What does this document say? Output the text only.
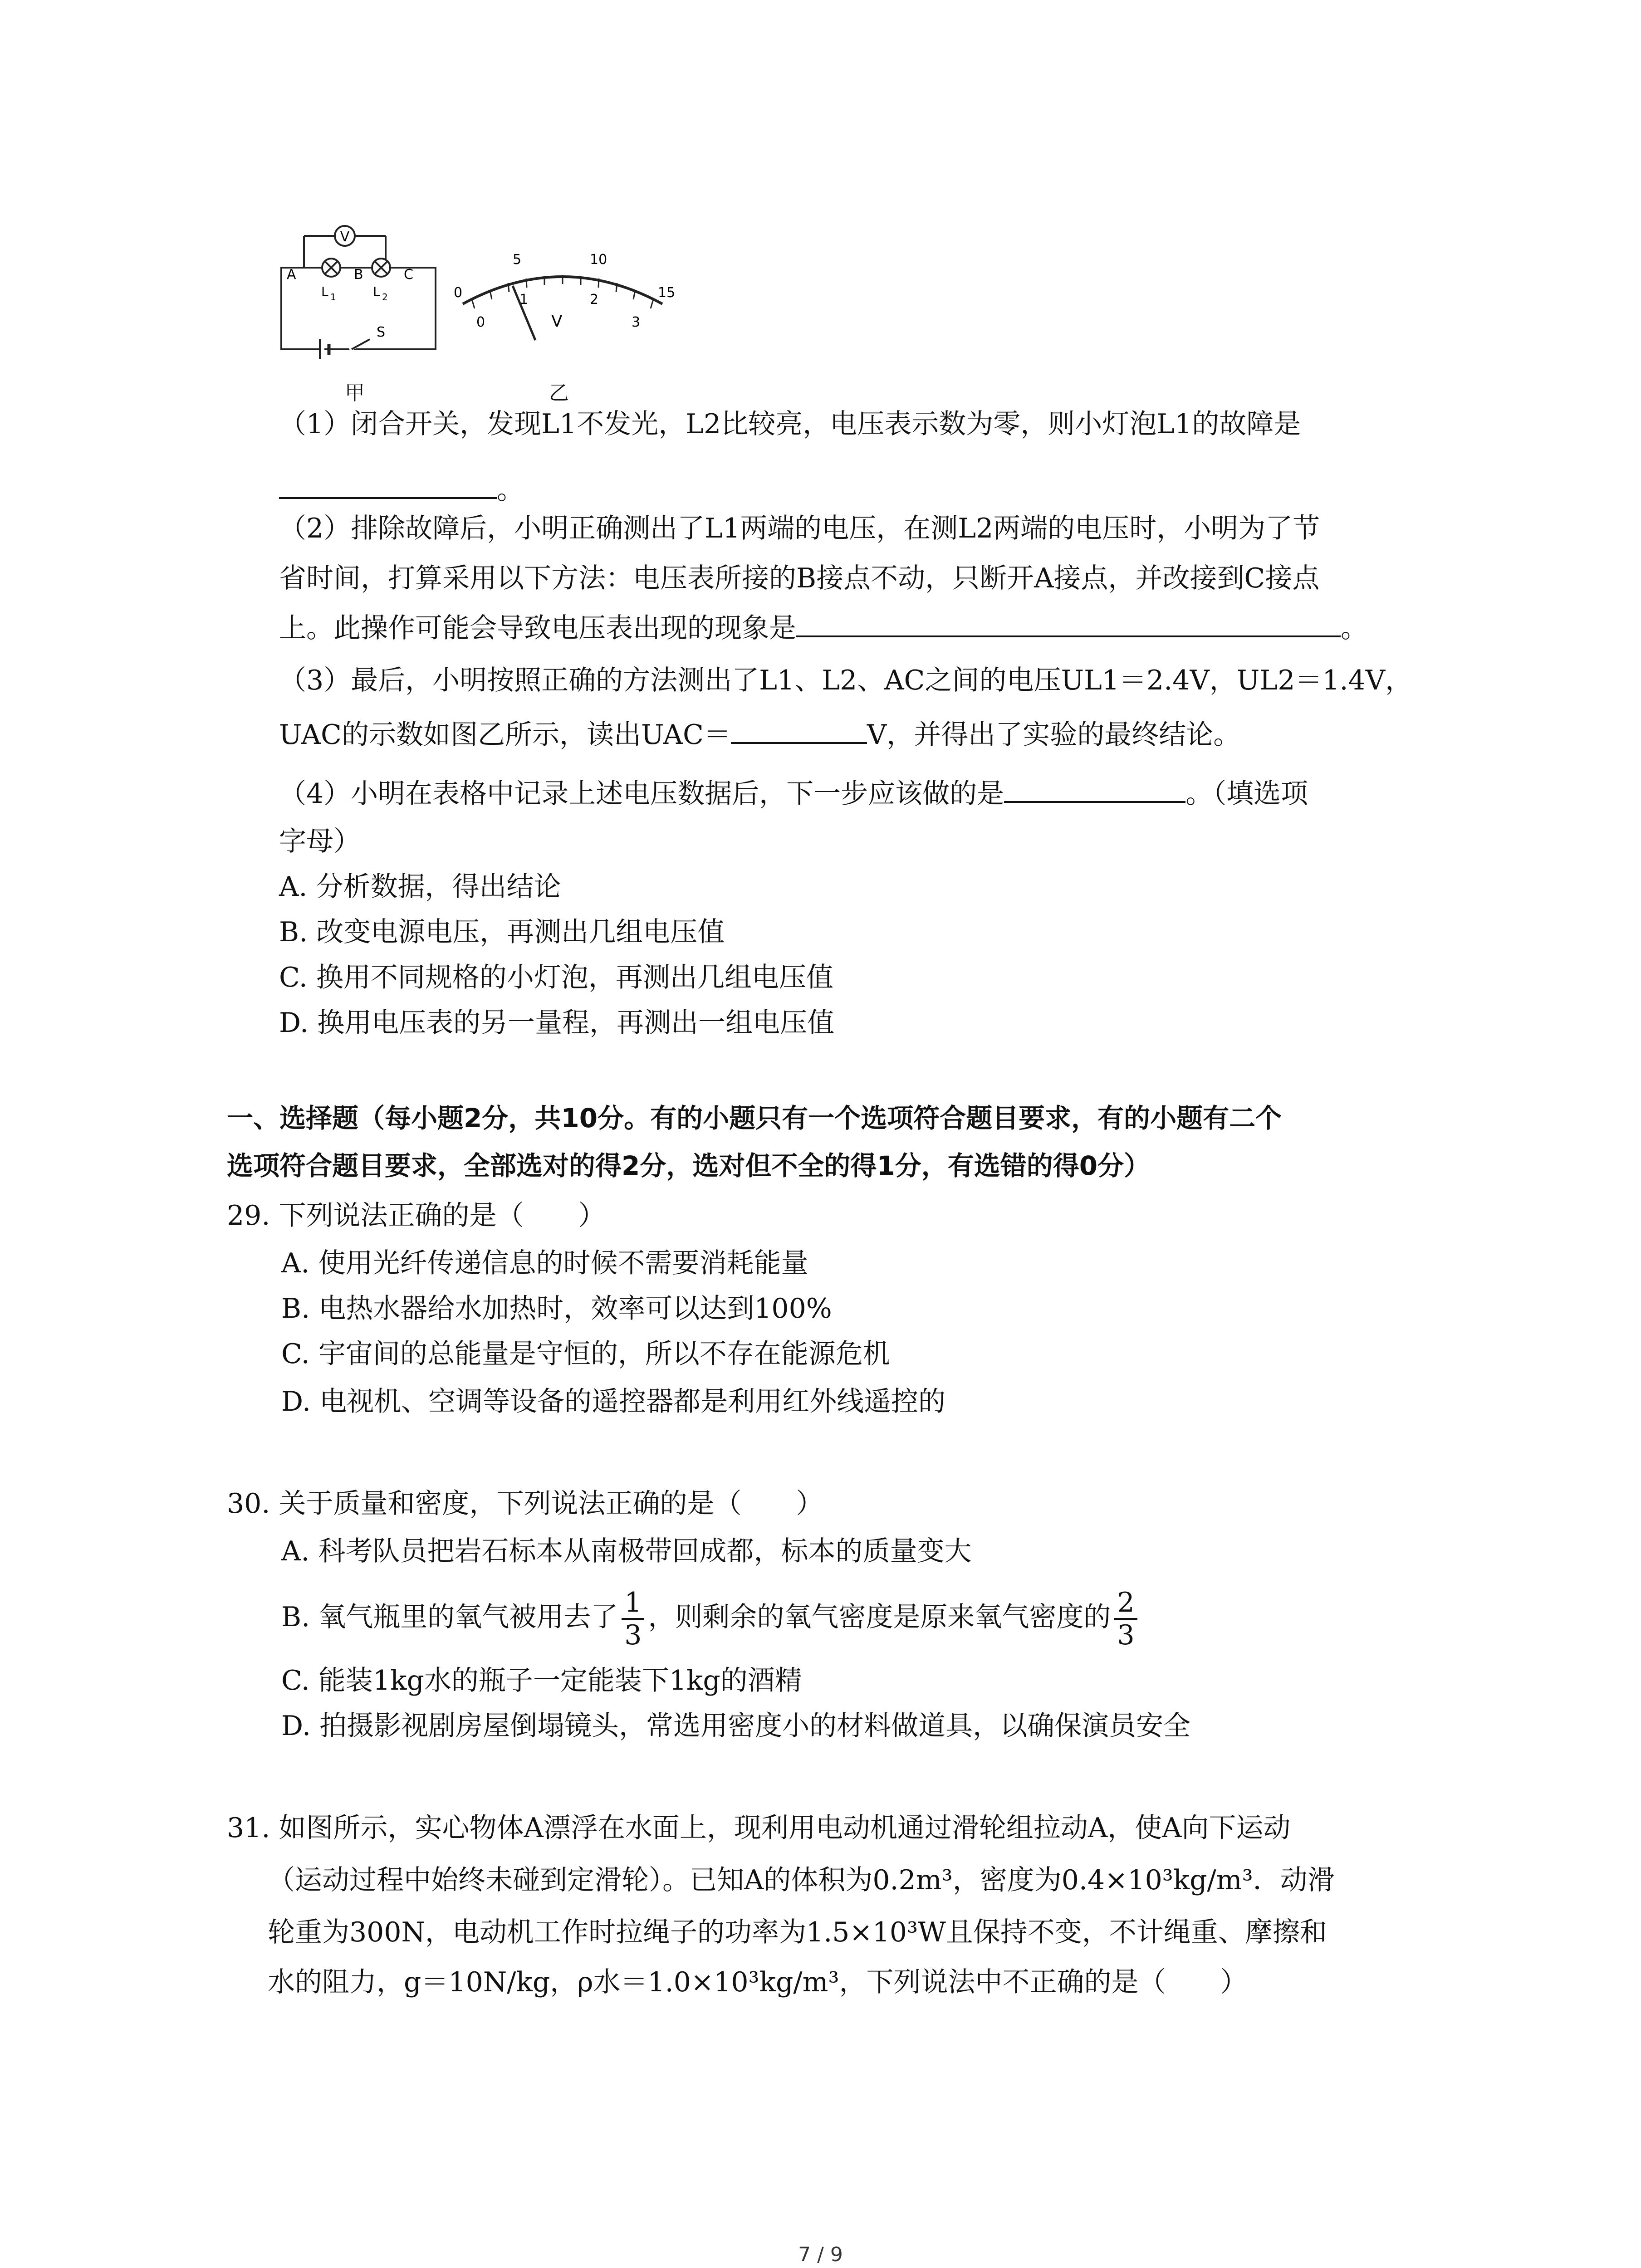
V
A
L 1
B
L 2
C
S
甲
0
5	10
15
0
1	2
3
V
乙
（1）闭合开关，发现L1不发光，L2比较亮，电压表示数为零，则小灯泡L1的故障是
。
（2）排除故障后，小明正确测出了L1两端的电压，在测L2两端的电压时，小明为了节
省时间，打算采用以下方法：电压表所接的B接点不动，只断开A接点，并改接到C接点
上。此操作可能会导致电压表出现的现象是	。
（3）最后，小明按照正确的方法测出了L1、L2、AC之间的电压UL1＝2.4V，UL2＝1.4V，
UAC的示数如图乙所示，读出UAC＝	V，并得出了实验的最终结论。
（4）小明在表格中记录上述电压数据后，下一步应该做的是	。（填选项
字母）
A. 分析数据，得出结论
B. 改变电源电压，再测出几组电压值
C. 换用不同规格的小灯泡，再测出几组电压值
D. 换用电压表的另一量程，再测出一组电压值
一、选择题（每小题2分，共10分。有的小题只有一个选项符合题目要求，有的小题有二个
选项符合题目要求，全部选对的得2分，选对但不全的得1分，有选错的得0分）
29. 下列说法正确的是（　　）
A. 使用光纤传递信息的时候不需要消耗能量
B. 电热水器给水加热时，效率可以达到100%
C. 宇宙间的总能量是守恒的，所以不存在能源危机
D. 电视机、空调等设备的遥控器都是利用红外线遥控的
30. 关于质量和密度，下列说法正确的是（　　）
A. 科考队员把岩石标本从南极带回成都，标本的质量变大
B. 氧气瓶里的氧气被用去了 $\frac{1}{3}$ ，则剩余的氧气密度是原来氧气密度的 $\frac{2}{3}$
C. 能装1kg水的瓶子一定能装下1kg的酒精
D. 拍摄影视剧房屋倒塌镜头，常选用密度小的材料做道具，以确保演员安全
31. 如图所示，实心物体A漂浮在水面上，现利用电动机通过滑轮组拉动A，使A向下运动
（运动过程中始终未碰到定滑轮）。已知A的体积为0.2m³，密度为0.4×10³kg/m³．动滑
轮重为300N，电动机工作时拉绳子的功率为1.5×10³W且保持不变，不计绳重、摩擦和
水的阻力，g＝10N/kg，ρ水＝1.0×10³kg/m³，下列说法中不正确的是（　　）
7 / 9
